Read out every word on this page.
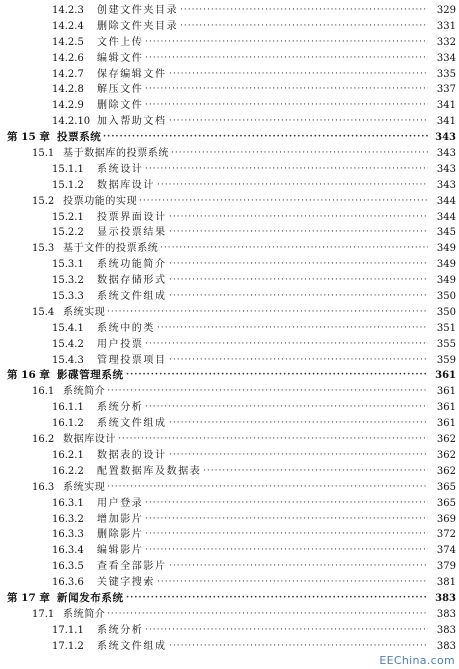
14.2.3 创建文件夹目录 ·····	329
14.2.4 删除文件夹目录 ·····	331
14.2.5 文件上传 ·····	332
14.2.6 编辑文件 ·····	334
14.2.7 保存编辑文件 ·····	335
14.2.8 解压文件 ·····	337
14.2.9 删除文件 ·····	341
14.2.10 加入帮助文档 ·····	341
第 15 章 投票系统 ·····	343
15.1 基于数据库的投票系统 ·····	343
15.1.1 系统设计 ·····	343
15.1.2 数据库设计 ·····	343
15.2 投票功能的实现 ·····	344
15.2.1 投票界面设计 ·····	344
15.2.2 显示投票结果 ·····	345
15.3 基于文件的投票系统 ·····	349
15.3.1 系统功能简介 ·····	349
15.3.2 数据存储形式 ·····	349
15.3.3 系统文件组成 ·····	350
15.4 系统实现 ·····	350
15.4.1 系统中的类 ·····	351
15.4.2 用户投票 ·····	355
15.4.3 管理投票项目 ·····	359
第 16 章 影碟管理系统 ·····	361
16.1 系统简介 ·····	361
16.1.1 系统分析 ·····	361
16.1.2 系统文件组成 ·····	361
16.2 数据库设计 ·····	362
16.2.1 数据表的设计 ·····	362
16.2.2 配置数据库及数据表 ·····	362
16.3 系统实现 ·····	365
16.3.1 用户登录 ·····	365
16.3.2 增加影片 ·····	369
16.3.3 删除影片 ·····	372
16.3.4 编辑影片 ·····	374
16.3.5 查看全部影片 ·····	379
16.3.6 关键字搜索 ·····	381
第 17 章 新闻发布系统 ·····	383
17.1 系统简介 ·····	383
17.1.1 系统分析 ·····	383
17.1.2 系统文件组成 ·····	383
EEChina.com
